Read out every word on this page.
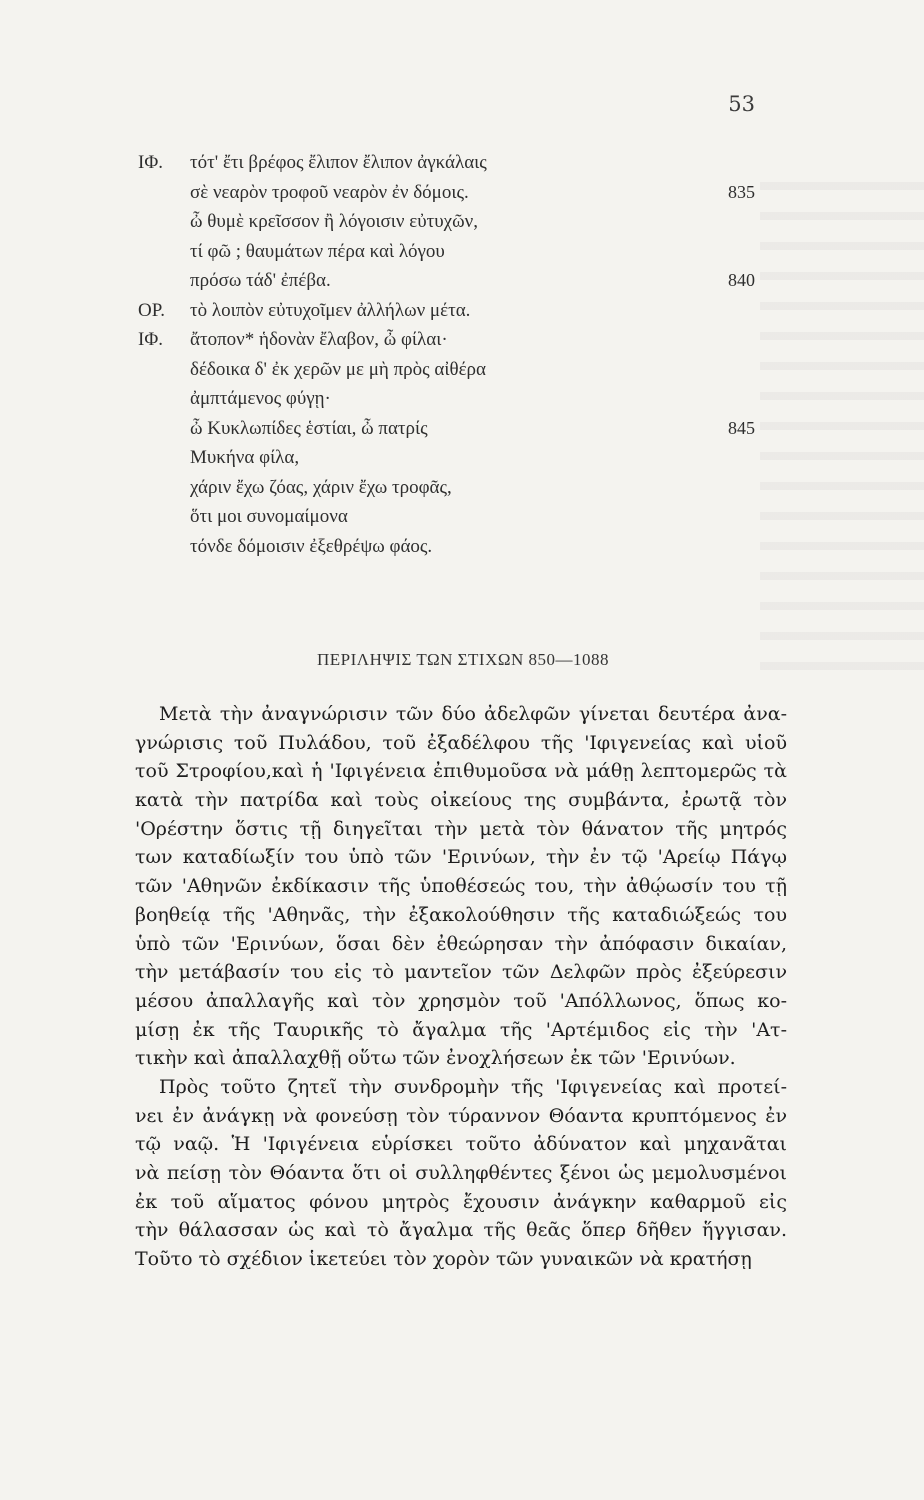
53
ΙΦ.	τότ' ἔτι βρέφος ἔλιπον ἔλιπον ἀγκάλαις
σὲ νεαρὸν τροφοῦ νεαρὸν ἐν δόμοις.	835
ὦ θυμὲ κρεῖσσον ἢ λόγοισιν εὐτυχῶν,
τί φῶ ; θαυμάτων πέρα καὶ λόγου
πρόσω τάδ' ἐπέβα.	840
ΟΡ.	τὸ λοιπὸν εὐτυχοῖμεν ἀλλήλων μέτα.
ΙΦ.	ἄτοπον* ἡδονὰν ἔλαβον, ὦ φίλαι·
δέδοικα δ' ἐκ χερῶν με μὴ πρὸς αἰθέρα
ἀμπτάμενος φύγῃ·
ὦ Κυκλωπίδες ἑστίαι, ὦ πατρίς	845
Μυκήνα φίλα,
χάριν ἔχω ζόας, χάριν ἔχω τροφᾶς,
ὅτι μοι συνομαίμονα
τόνδε δόμοισιν ἐξεθρέψω φάος.
ΠΕΡΙΛΗΨΙΣ ΤΩΝ ΣΤΙΧΩΝ 850—1088
Μετὰ τὴν ἀναγνώρισιν τῶν δύο ἀδελφῶν γίνεται δευτέρα ἀνα-
γνώρισις τοῦ Πυλάδου, τοῦ ἐξαδέλφου τῆς 'Ιφιγενείας καὶ υἱοῦ
τοῦ Στροφίου,καὶ ἡ 'Ιφιγένεια ἐπιθυμοῦσα νὰ μάθῃ λεπτομερῶς τὰ
κατὰ τὴν πατρίδα καὶ τοὺς οἰκείους της συμβάντα, ἐρωτᾷ τὸν
'Ορέστην ὅστις τῇ διηγεῖται τὴν μετὰ τὸν θάνατον τῆς μητρός
των καταδίωξίν του ὑπὸ τῶν 'Ερινύων, τὴν ἐν τῷ 'Αρείῳ Πάγῳ
τῶν 'Αθηνῶν ἐκδίκασιν τῆς ὑποθέσεώς του, τὴν ἀθῴωσίν του τῇ
βοηθείᾳ τῆς 'Αθηνᾶς, τὴν ἐξακολούθησιν τῆς καταδιώξεώς του
ὑπὸ τῶν 'Ερινύων, ὅσαι δὲν ἐθεώρησαν τὴν ἀπόφασιν δικαίαν,
τὴν μετάβασίν του εἰς τὸ μαντεῖον τῶν Δελφῶν πρὸς ἐξεύρεσιν
μέσου ἀπαλλαγῆς καὶ τὸν χρησμὸν τοῦ 'Απόλλωνος, ὅπως κο-
μίσῃ ἐκ τῆς Ταυρικῆς τὸ ἄγαλμα τῆς 'Αρτέμιδος εἰς τὴν 'Ατ-
τικὴν καὶ ἀπαλλαχθῇ οὕτω τῶν ἐνοχλήσεων ἐκ τῶν 'Ερινύων.
Πρὸς τοῦτο ζητεῖ τὴν συνδρομὴν τῆς 'Ιφιγενείας καὶ προτεί-
νει ἐν ἀνάγκῃ νὰ φονεύσῃ τὸν τύραννον Θόαντα κρυπτόμενος ἐν
τῷ ναῷ. Ἡ 'Ιφιγένεια εὑρίσκει τοῦτο ἀδύνατον καὶ μηχανᾶται
νὰ πείσῃ τὸν Θόαντα ὅτι οἱ συλληφθέντες ξένοι ὡς μεμολυσμένοι
ἐκ τοῦ αἵματος φόνου μητρὸς ἔχουσιν ἀνάγκην καθαρμοῦ εἰς
τὴν θάλασσαν ὡς καὶ τὸ ἄγαλμα τῆς θεᾶς ὅπερ δῆθεν ἥγγισαν.
Τοῦτο τὸ σχέδιον ἱκετεύει τὸν χορὸν τῶν γυναικῶν νὰ κρατήσῃ
